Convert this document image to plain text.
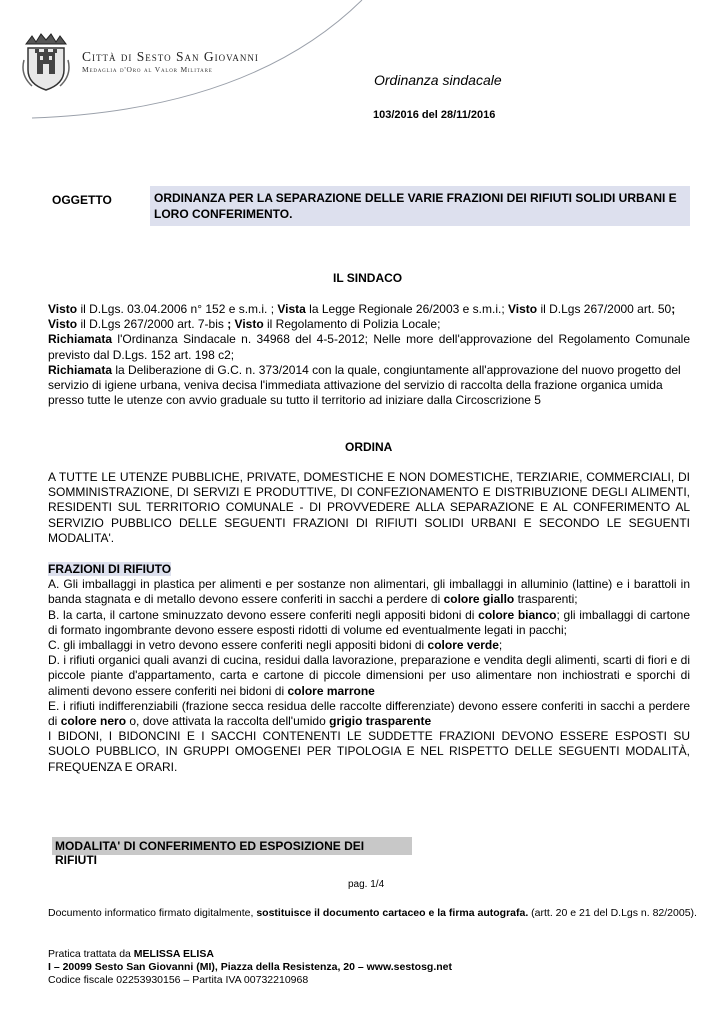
Città di Sesto San Giovanni
Medaglia d'Oro al Valor Militare
Ordinanza sindacale
103/2016 del 28/11/2016
OGGETTO	ORDINANZA PER LA SEPARAZIONE DELLE VARIE FRAZIONI DEI RIFIUTI SOLIDI URBANI E LORO CONFERIMENTO.
IL SINDACO

Visto il D.Lgs. 03.04.2006 n° 152 e s.m.i. ; Vista la Legge Regionale 26/2003 e s.m.i.; Visto il D.Lgs 267/2000 art. 50;

Visto il D.Lgs 267/2000 art. 7-bis ; Visto il Regolamento di Polizia Locale;

Richiamata l'Ordinanza Sindacale n. 34968 del 4-5-2012; Nelle more dell'approvazione del Regolamento Comunale previsto dal D.Lgs. 152 art. 198 c2;

Richiamata la Deliberazione di G.C. n. 373/2014 con la quale, congiuntamente all'approvazione del nuovo progetto del servizio di igiene urbana, veniva decisa l'immediata attivazione del servizio di raccolta della frazione organica umida presso tutte le utenze con avvio graduale su tutto il territorio ad iniziare dalla Circoscrizione 5

ORDINA
A TUTTE LE UTENZE PUBBLICHE, PRIVATE, DOMESTICHE E NON DOMESTICHE, TERZIARIE, COMMERCIALI, DI SOMMINISTRAZIONE, DI SERVIZI E PRODUTTIVE, DI CONFEZIONAMENTO E DISTRIBUZIONE DEGLI ALIMENTI, RESIDENTI SUL TERRITORIO COMUNALE - DI PROVVEDERE ALLA SEPARAZIONE E AL CONFERIMENTO AL SERVIZIO PUBBLICO DELLE SEGUENTI FRAZIONI DI RIFIUTI SOLIDI URBANI E SECONDO LE SEGUENTI MODALITA'.

FRAZIONI DI RIFIUTO

A. Gli imballaggi in plastica per alimenti e per sostanze non alimentari, gli imballaggi in alluminio (lattine) e i barattoli in banda stagnata e di metallo devono essere conferiti in sacchi a perdere di colore giallo trasparenti;

B. la carta, il cartone sminuzzato devono essere conferiti negli appositi bidoni di colore bianco; gli imballaggi di cartone di formato ingombrante devono essere esposti ridotti di volume ed eventualmente legati in pacchi;

C. gli imballaggi in vetro devono essere conferiti negli appositi bidoni di colore verde;

D. i rifiuti organici quali avanzi di cucina, residui dalla lavorazione, preparazione e vendita degli alimenti, scarti di fiori e di piccole piante d'appartamento, carta e cartone di piccole dimensioni per uso alimentare non inchiostrati e sporchi di alimenti devono essere conferiti nei bidoni di colore marrone

E. i rifiuti indifferenziabili (frazione secca residua delle raccolte differenziate) devono essere conferiti in sacchi a perdere di colore nero o, dove attivata la raccolta dell'umido grigio trasparente

I BIDONI, I BIDONCINI E I SACCHI CONTENENTI LE SUDDETTE FRAZIONI DEVONO ESSERE ESPOSTI SU SUOLO PUBBLICO, IN GRUPPI OMOGENEI PER TIPOLOGIA E NEL RISPETTO DELLE SEGUENTI MODALITÀ, FREQUENZA E ORARI.

MODALITA' DI CONFERIMENTO ED ESPOSIZIONE DEI RIFIUTI
pag. 1/4
Documento informatico firmato digitalmente, sostituisce il documento cartaceo e la firma autografa. (artt. 20 e 21 del D.Lgs n. 82/2005).
Pratica trattata da MELISSA ELISA
I – 20099 Sesto San Giovanni (MI), Piazza della Resistenza, 20 – www.sestosg.net
Codice fiscale 02253930156 – Partita IVA 00732210968
